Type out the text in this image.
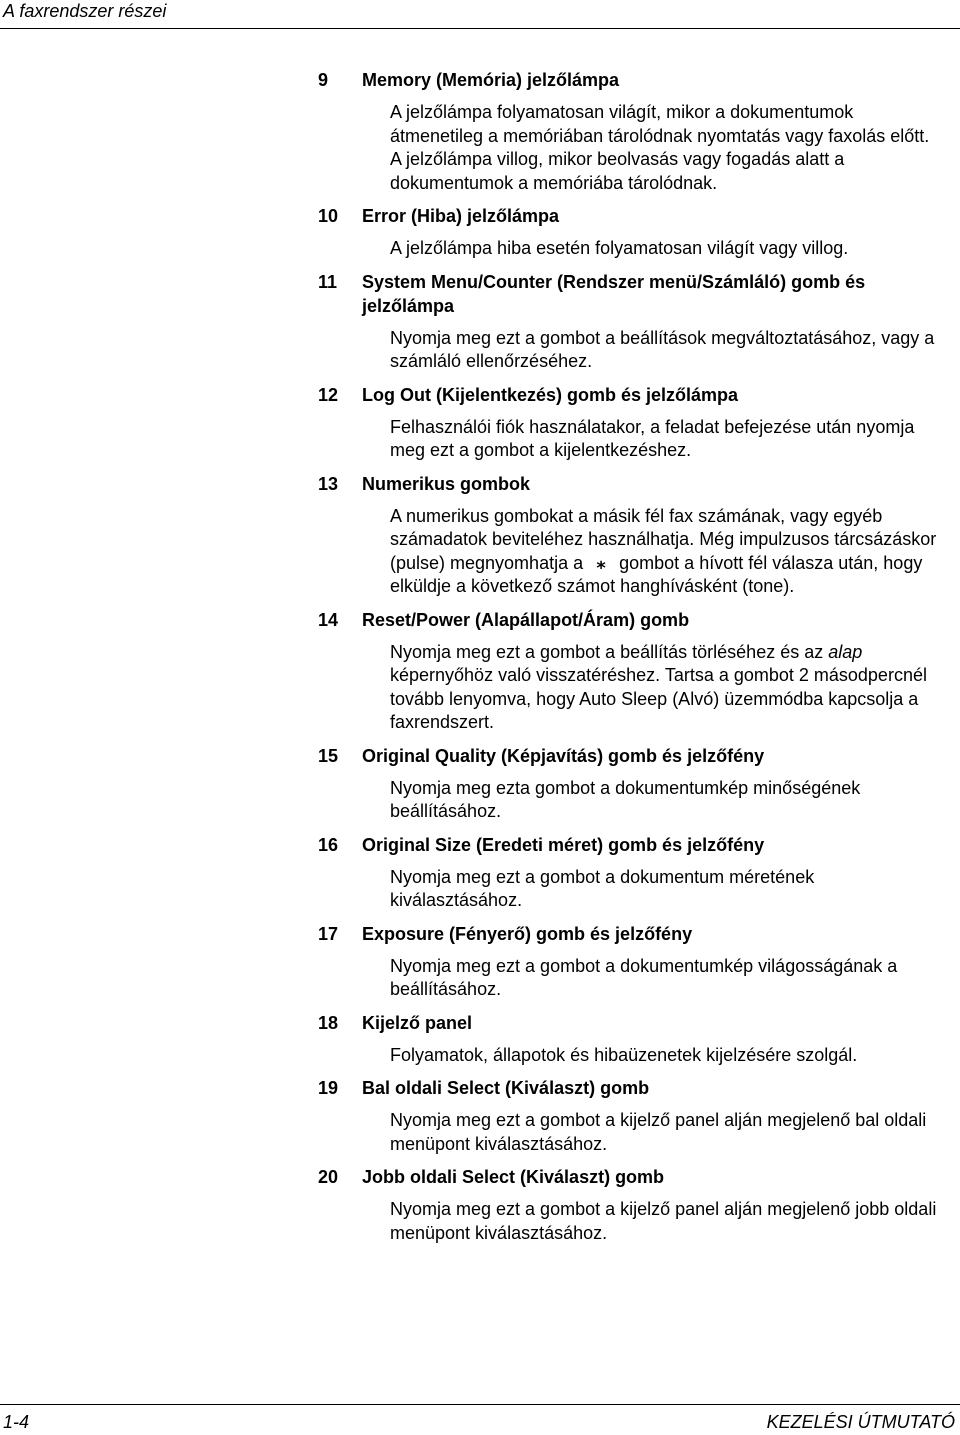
A faxrendszer részei
9	Memory (Memória) jelzőlámpa
A jelzőlámpa folyamatosan világít, mikor a dokumentumok átmenetileg a memóriában tárolódnak nyomtatás vagy faxolás előtt. A jelzőlámpa villog, mikor beolvasás vagy fogadás alatt a dokumentumok a memóriába tárolódnak.
10	Error (Hiba) jelzőlámpa
A jelzőlámpa hiba esetén folyamatosan világít vagy villog.
11	System Menu/Counter (Rendszer menü/Számláló) gomb és jelzőlámpa
Nyomja meg ezt a gombot a beállítások megváltoztatásához, vagy a számláló ellenőrzéséhez.
12	Log Out (Kijelentkezés) gomb és jelzőlámpa
Felhasználói fiók használatakor, a feladat befejezése után nyomja meg ezt a gombot a kijelentkezéshez.
13	Numerikus gombok
A numerikus gombokat a másik fél fax számának, vagy egyéb számadatok beviteléhez használhatja. Még impulzusos tárcsázáskor (pulse) megnyomhatja a ⁎ gombot a hívott fél válasza után, hogy elküldje a következő számot hanghívásként (tone).
14	Reset/Power (Alapállapot/Áram) gomb
Nyomja meg ezt a gombot a beállítás törléséhez és az alap képernyőhöz való visszatéréshez. Tartsa a gombot 2 másodpercnél tovább lenyomva, hogy Auto Sleep (Alvó) üzemmódba kapcsolja a faxrendszert.
15	Original Quality (Képjavítás) gomb és jelzőfény
Nyomja meg ezta gombot a dokumentumkép minőségének beállításához.
16	Original Size (Eredeti méret) gomb és jelzőfény
Nyomja meg ezt a gombot a dokumentum méretének kiválasztásához.
17	Exposure (Fényerő) gomb és jelzőfény
Nyomja meg ezt a gombot a dokumentumkép világosságának a beállításához.
18	Kijelző panel
Folyamatok, állapotok és hibaüzenetek kijelzésére szolgál.
19	Bal oldali Select (Kiválaszt) gomb
Nyomja meg ezt a gombot a kijelző panel alján megjelenő bal oldali menüpont kiválasztásához.
20	Jobb oldali Select (Kiválaszt) gomb
Nyomja meg ezt a gombot a kijelző panel alján megjelenő jobb oldali menüpont kiválasztásához.
1-4	KEZELÉSI ÚTMUTATÓ
